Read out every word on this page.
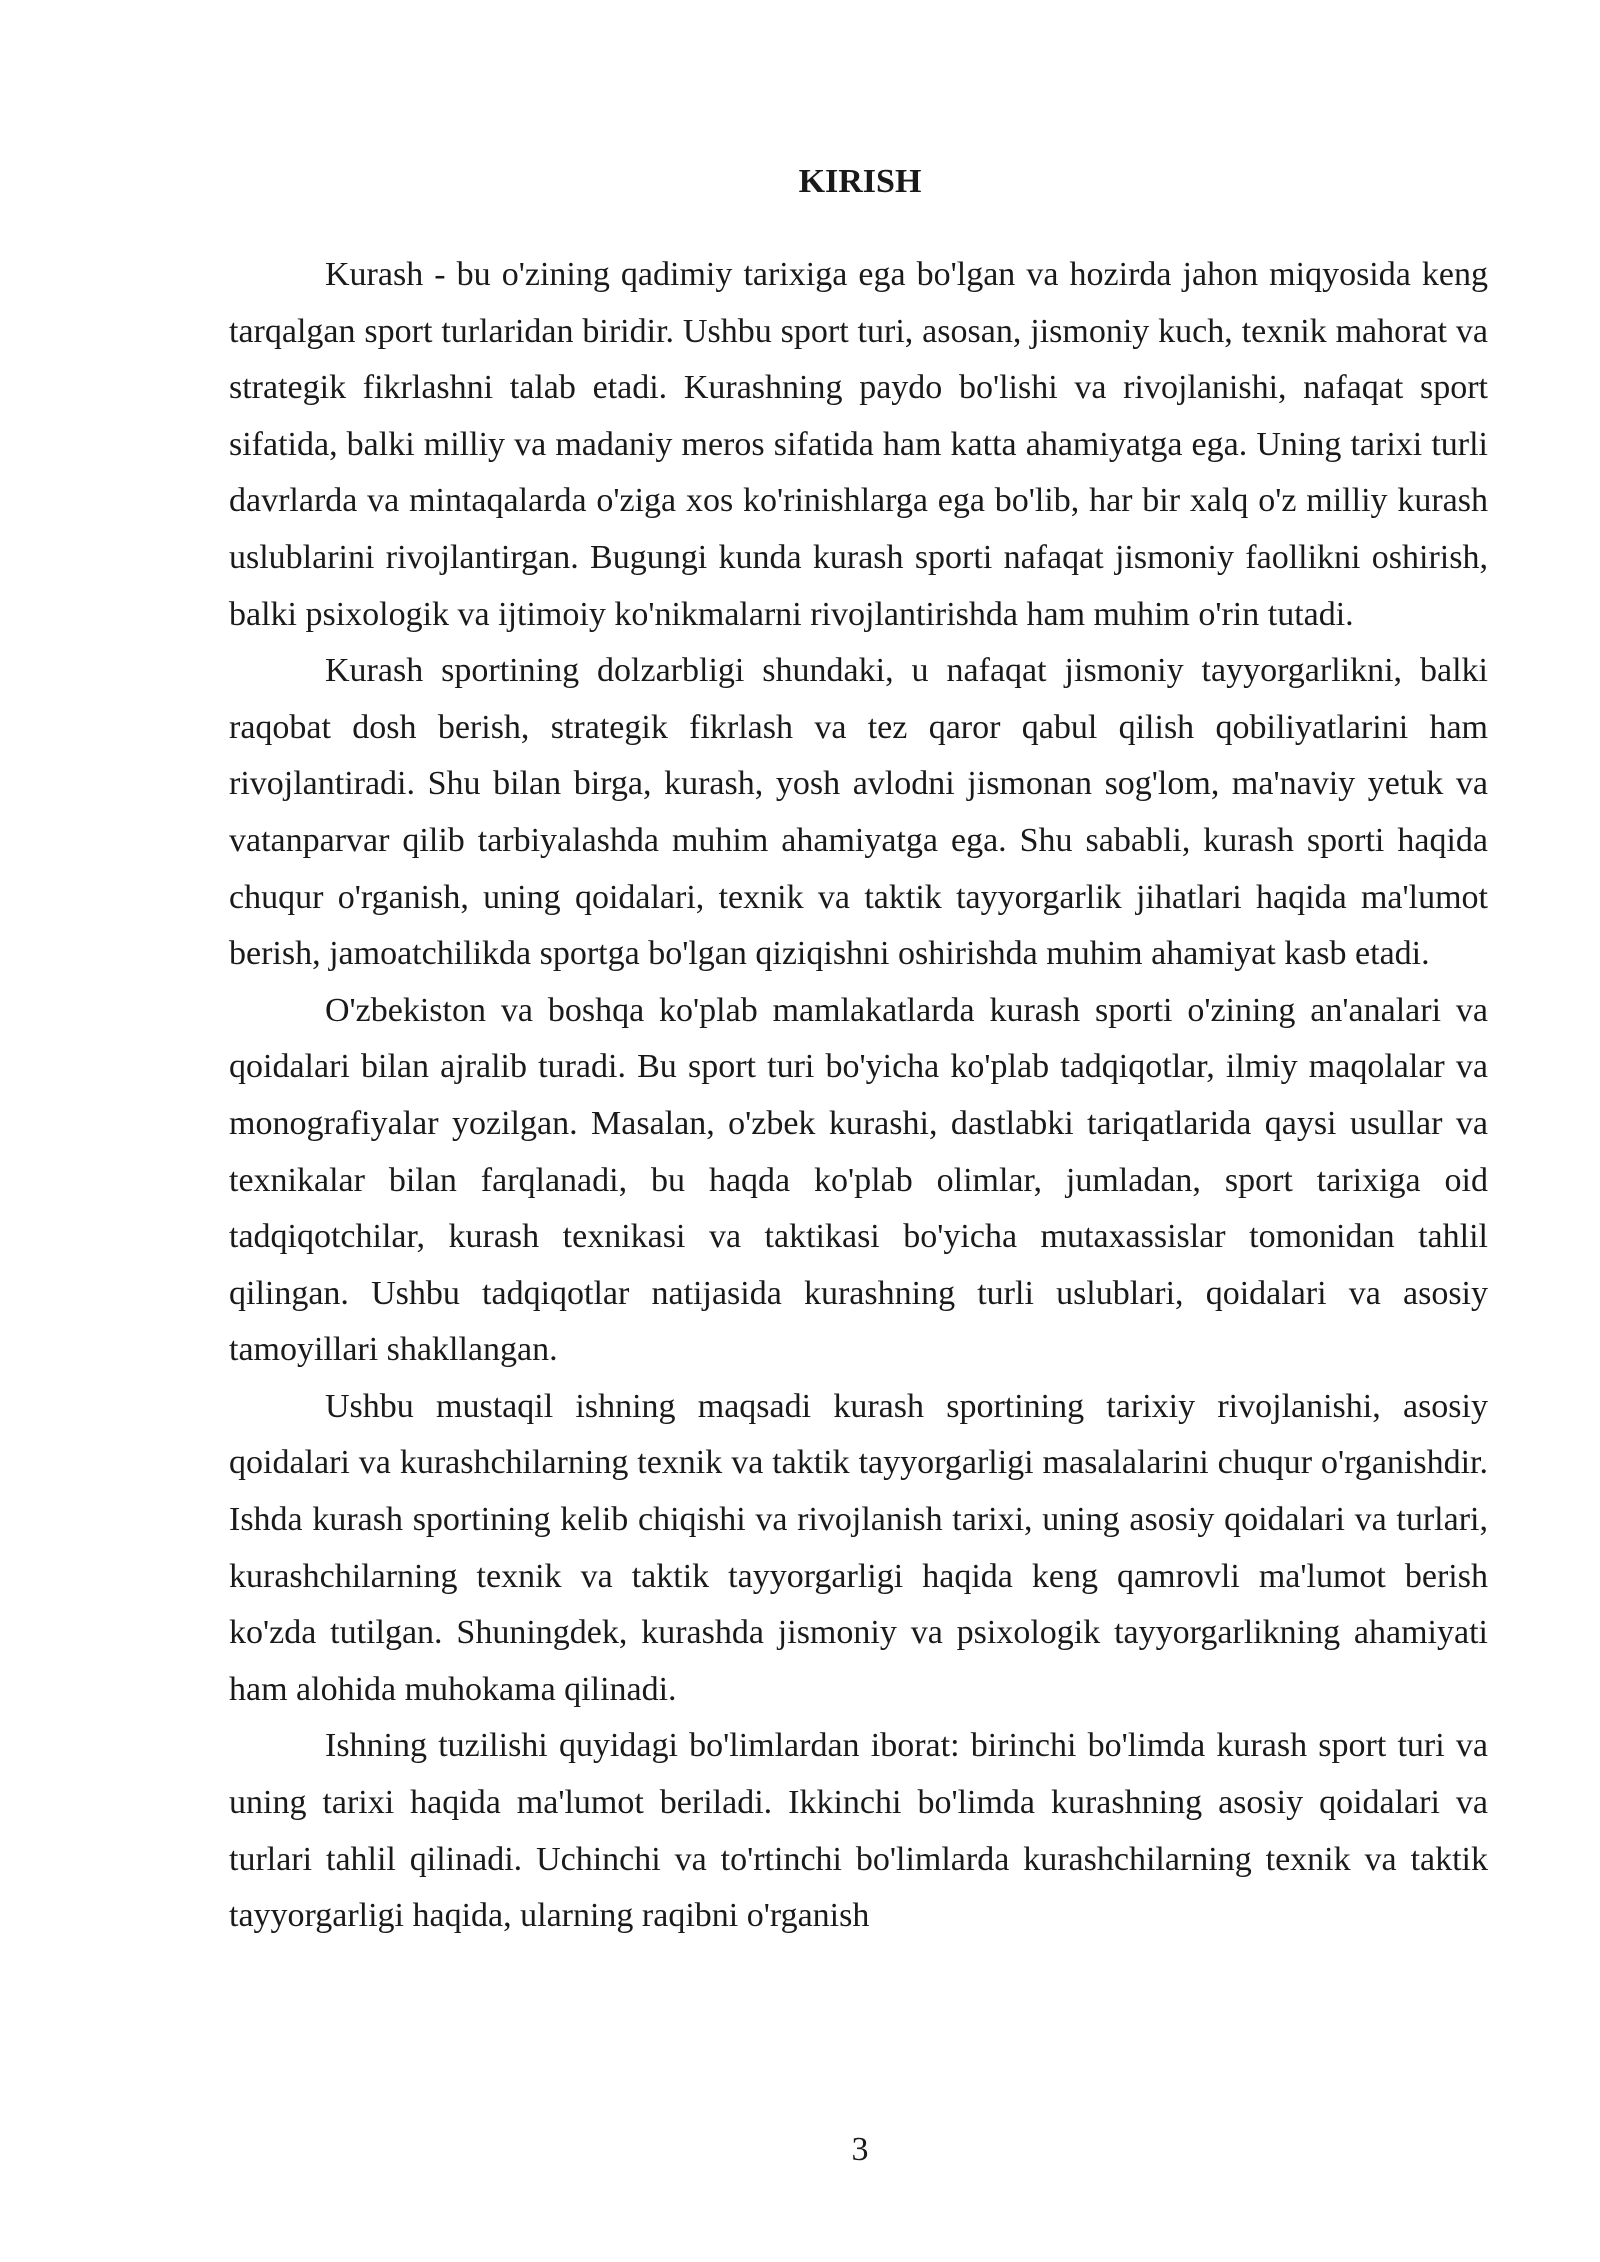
KIRISH

Kurash - bu o'zining qadimiy tarixiga ega bo'lgan va hozirda jahon miqyosida keng tarqalgan sport turlaridan biridir. Ushbu sport turi, asosan, jismoniy kuch, texnik mahorat va strategik fikrlashni talab etadi. Kurashning paydo bo'lishi va rivojlanishi, nafaqat sport sifatida, balki milliy va madaniy meros sifatida ham katta ahamiyatga ega. Uning tarixi turli davrlarda va mintaqalarda o'ziga xos ko'rinishlarga ega bo'lib, har bir xalq o'z milliy kurash uslublarini rivojlantirgan. Bugungi kunda kurash sporti nafaqat jismoniy faollikni oshirish, balki psixologik va ijtimoiy ko'nikmalarni rivojlantirishda ham muhim o'rin tutadi.

Kurash sportining dolzarbligi shundaki, u nafaqat jismoniy tayyorgarlikni, balki raqobat dosh berish, strategik fikrlash va tez qaror qabul qilish qobiliyatlarini ham rivojlantiradi. Shu bilan birga, kurash, yosh avlodni jismonan sog'lom, ma'naviy yetuk va vatanparvar qilib tarbiyalashda muhim ahamiyatga ega. Shu sababli, kurash sporti haqida chuqur o'rganish, uning qoidalari, texnik va taktik tayyorgarlik jihatlari haqida ma'lumot berish, jamoatchilikda sportga bo'lgan qiziqishni oshirishda muhim ahamiyat kasb etadi.

O'zbekiston va boshqa ko'plab mamlakatlarda kurash sporti o'zining an'analari va qoidalari bilan ajralib turadi. Bu sport turi bo'yicha ko'plab tadqiqotlar, ilmiy maqolalar va monografiyalar yozilgan. Masalan, o'zbek kurashi, dastlabki tariqatlarida qaysi usullar va texnikalar bilan farqlanadi, bu haqda ko'plab olimlar, jumladan, sport tarixiga oid tadqiqotchilar, kurash texnikasi va taktikasi bo'yicha mutaxassislar tomonidan tahlil qilingan. Ushbu tadqiqotlar natijasida kurashning turli uslublari, qoidalari va asosiy tamoyillari shakllangan.

Ushbu mustaqil ishning maqsadi kurash sportining tarixiy rivojlanishi, asosiy qoidalari va kurashchilarning texnik va taktik tayyorgarligi masalalarini chuqur o'rganishdir. Ishda kurash sportining kelib chiqishi va rivojlanish tarixi, uning asosiy qoidalari va turlari, kurashchilarning texnik va taktik tayyorgarligi haqida keng qamrovli ma'lumot berish ko'zda tutilgan. Shuningdek, kurashda jismoniy va psixologik tayyorgarlikning ahamiyati ham alohida muhokama qilinadi.

Ishning tuzilishi quyidagi bo'limlardan iborat: birinchi bo'limda kurash sport turi va uning tarixi haqida ma'lumot beriladi. Ikkinchi bo'limda kurashning asosiy qoidalari va turlari tahlil qilinadi. Uchinchi va to'rtinchi bo'limlarda kurashchilarning texnik va taktik tayyorgarligi haqida, ularning raqibni o'rganish

3
